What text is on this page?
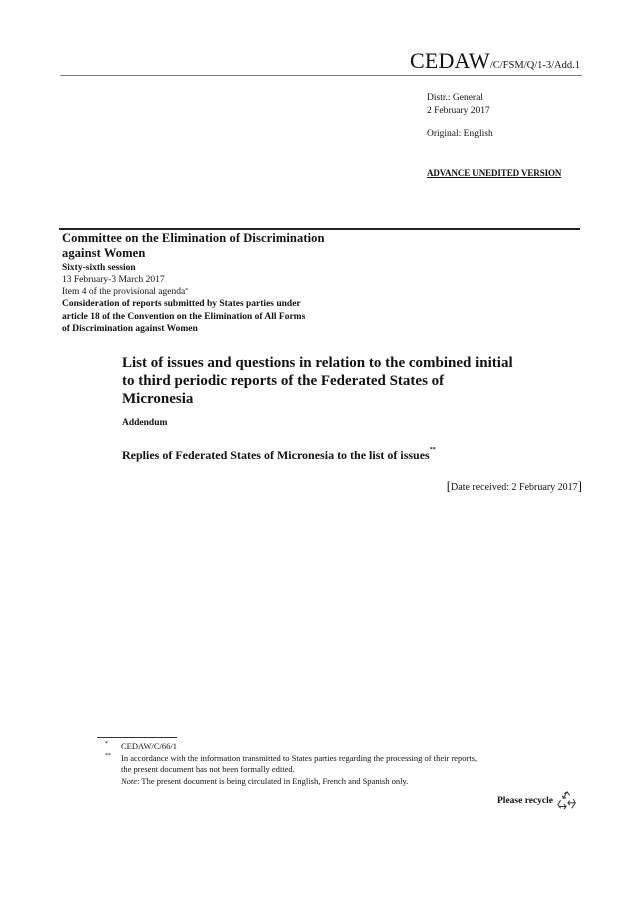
CEDAW/C/FSM/Q/1-3/Add.1
Distr.: General
2 February 2017
Original: English
ADVANCE UNEDITED VERSION
Committee on the Elimination of Discrimination
against Women
Sixty-sixth session
13 February-3 March 2017
Item 4 of the provisional agenda*
Consideration of reports submitted by States parties under
article 18 of the Convention on the Elimination of All Forms
of Discrimination against Women
List of issues and questions in relation to the combined initial
to third periodic reports of the Federated States of
Micronesia
Addendum
Replies of Federated States of Micronesia to the list of issues**
[Date received: 2 February 2017]
* CEDAW/C/66/1
** In accordance with the information transmitted to States parties regarding the processing of their reports,
the present document has not been formally edited.
Note: The present document is being circulated in English, French and Spanish only.
Please recycle
